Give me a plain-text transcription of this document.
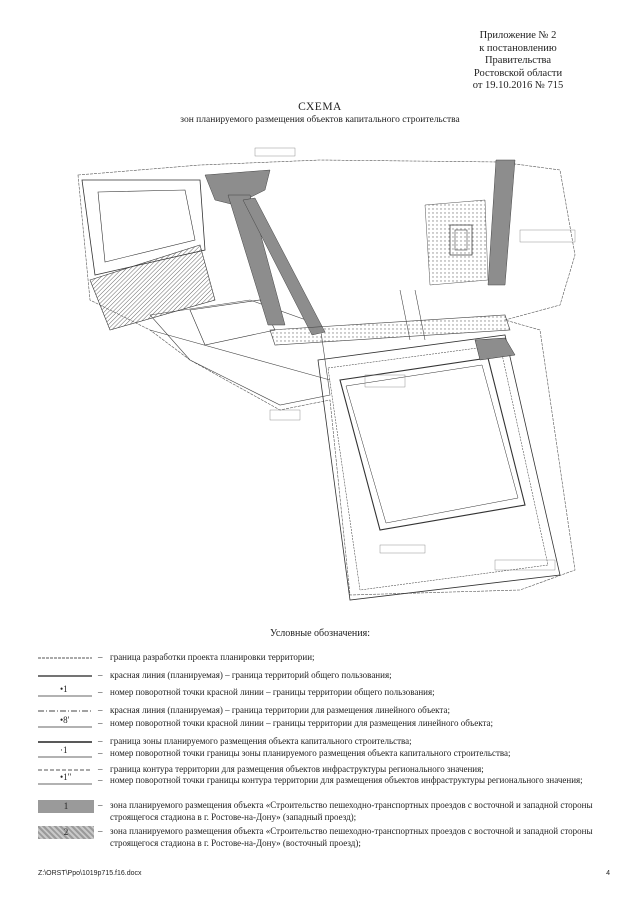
Приложение № 2
к постановлению
Правительства
Ростовской области
от 19.10.2016 № 715
СХЕМА
зон планируемого размещения объектов капитального строительства
Условные обозначения:
– граница разработки проекта планировки территории;
– красная линия (планируемая) – граница территорий общего пользования;
•1	– номер поворотной точки красной линии – границы территории общего пользования;
– красная линия (планируемая) – граница территории для размещения линейного объекта;
•8'	– номер поворотной точки красной линии – границы территории для размещения линейного объекта;
– граница зоны планируемого размещения объекта капитального строительства;
·1	– номер поворотной точки границы зоны планируемого размещения объекта капитального строительства;
– граница контура территории для размещения объектов инфраструктуры регионального значения;
•1"	– номер поворотной точки границы контура территории для размещения объектов инфраструктуры регионального значения;
1	– зона планируемого размещения объекта «Строительство пешеходно-транспортных проездов с восточной и западной стороны строящегося стадиона в г. Ростове-на-Дону» (западный проезд);
2	– зона планируемого размещения объекта «Строительство пешеходно-транспортных проездов с восточной и западной стороны строящегося стадиона в г. Ростове-на-Дону» (восточный проезд);
Z:\ORST\Ppo\1019p715.f16.docx	4
